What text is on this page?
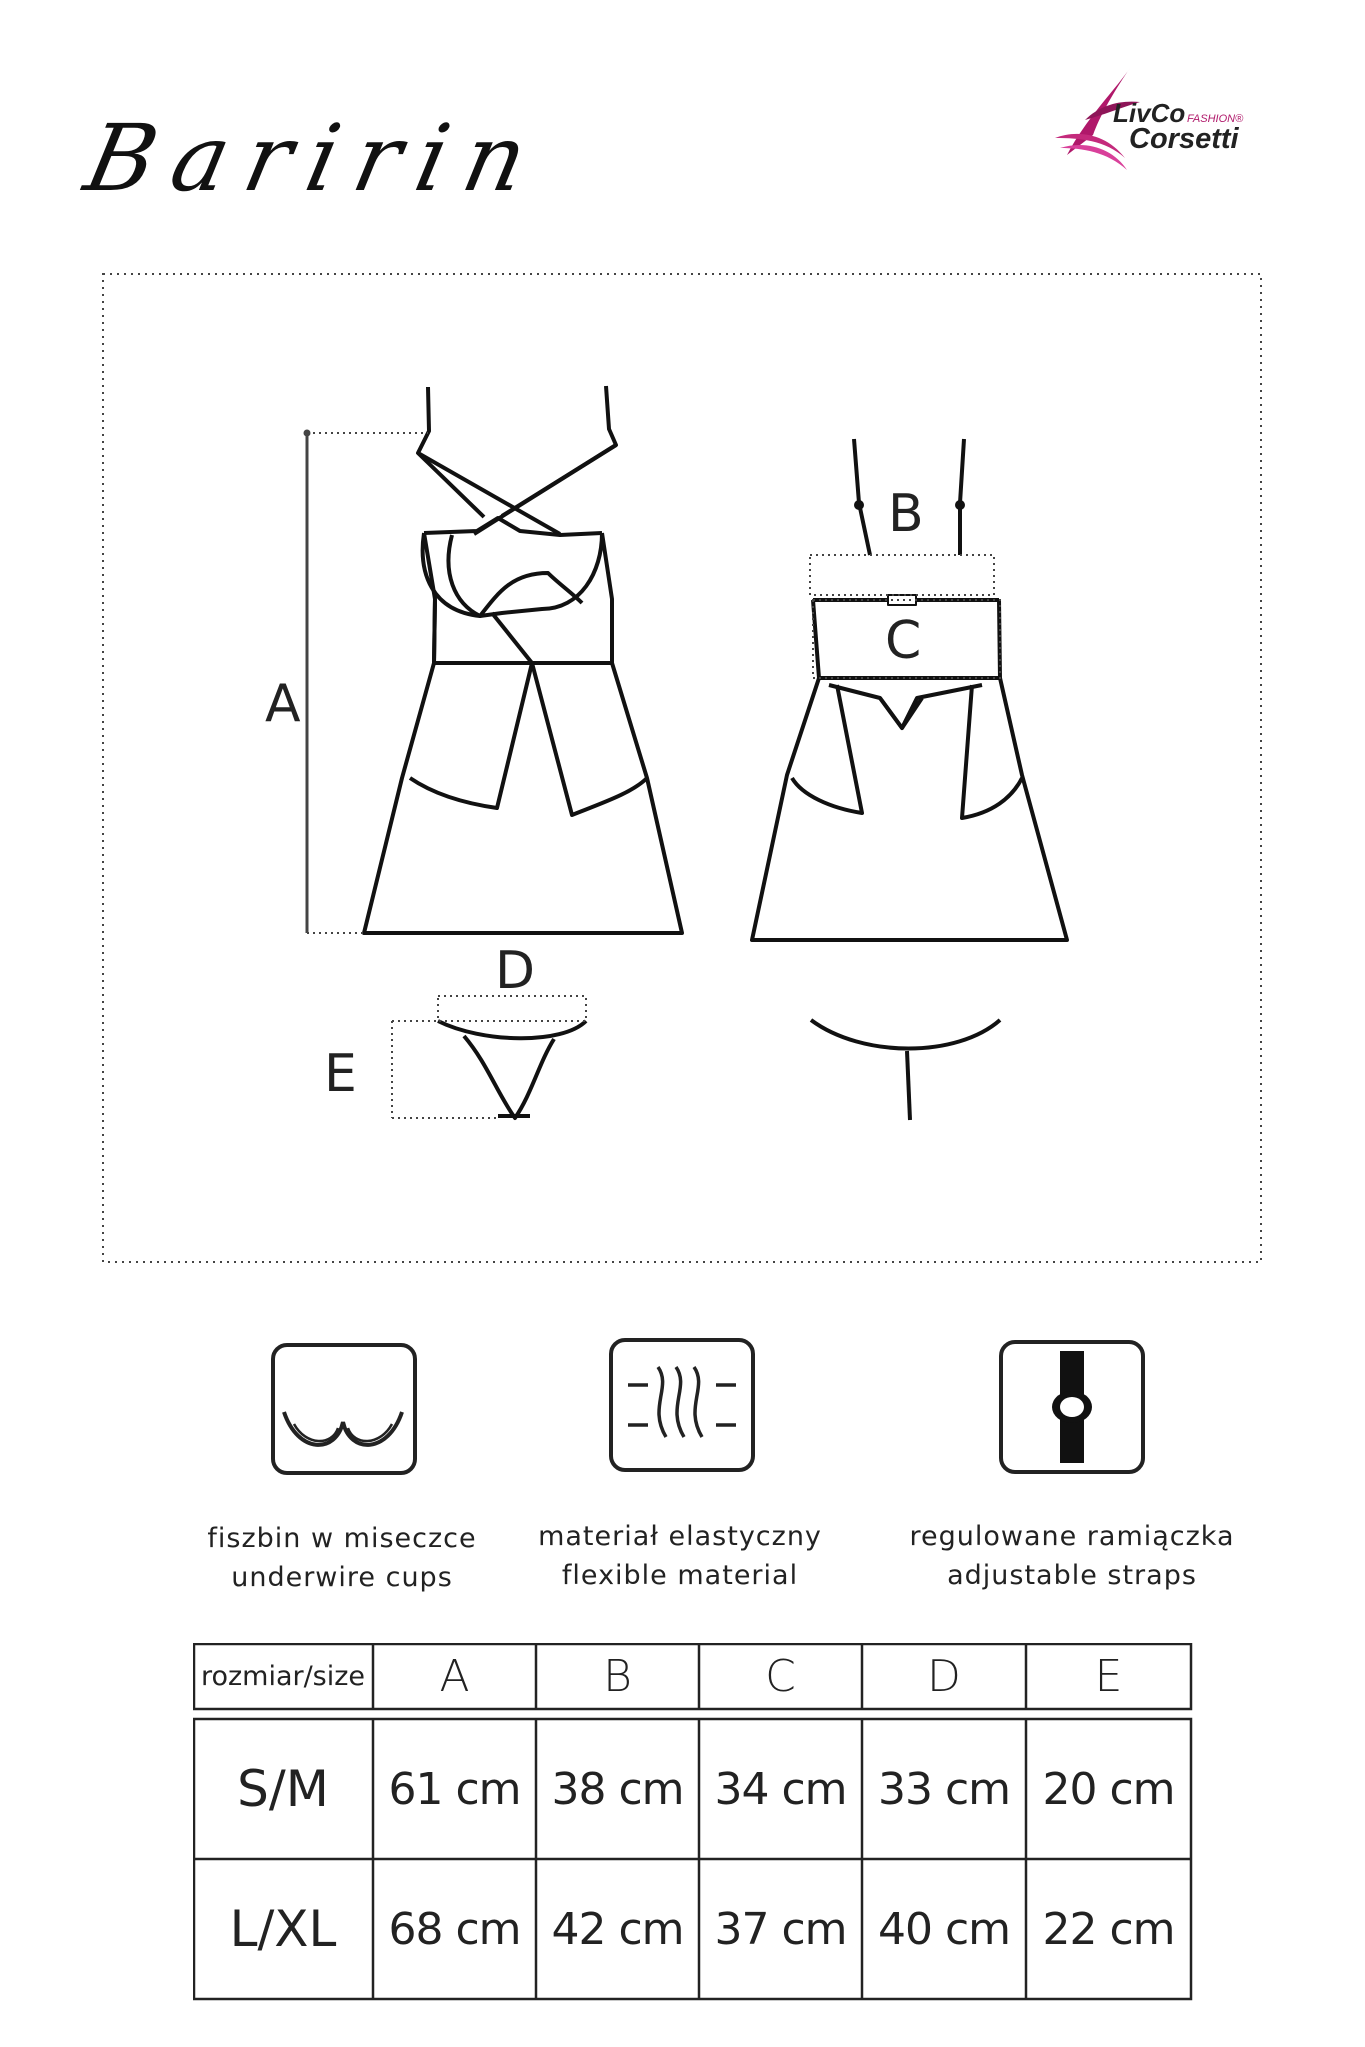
Baririn	LivCo FASHION®
Corsetti
A
B
C
D
E
fiszbin w miseczce
underwire cups
materiał elastyczny
flexible material
regulowane ramiączka
adjustable straps
rozmiar/size	A	B	C	D	E
S/M	61 cm 38 cm 34 cm 33 cm 20 cm
L/XL	68 cm 42 cm 37 cm 40 cm 22 cm
